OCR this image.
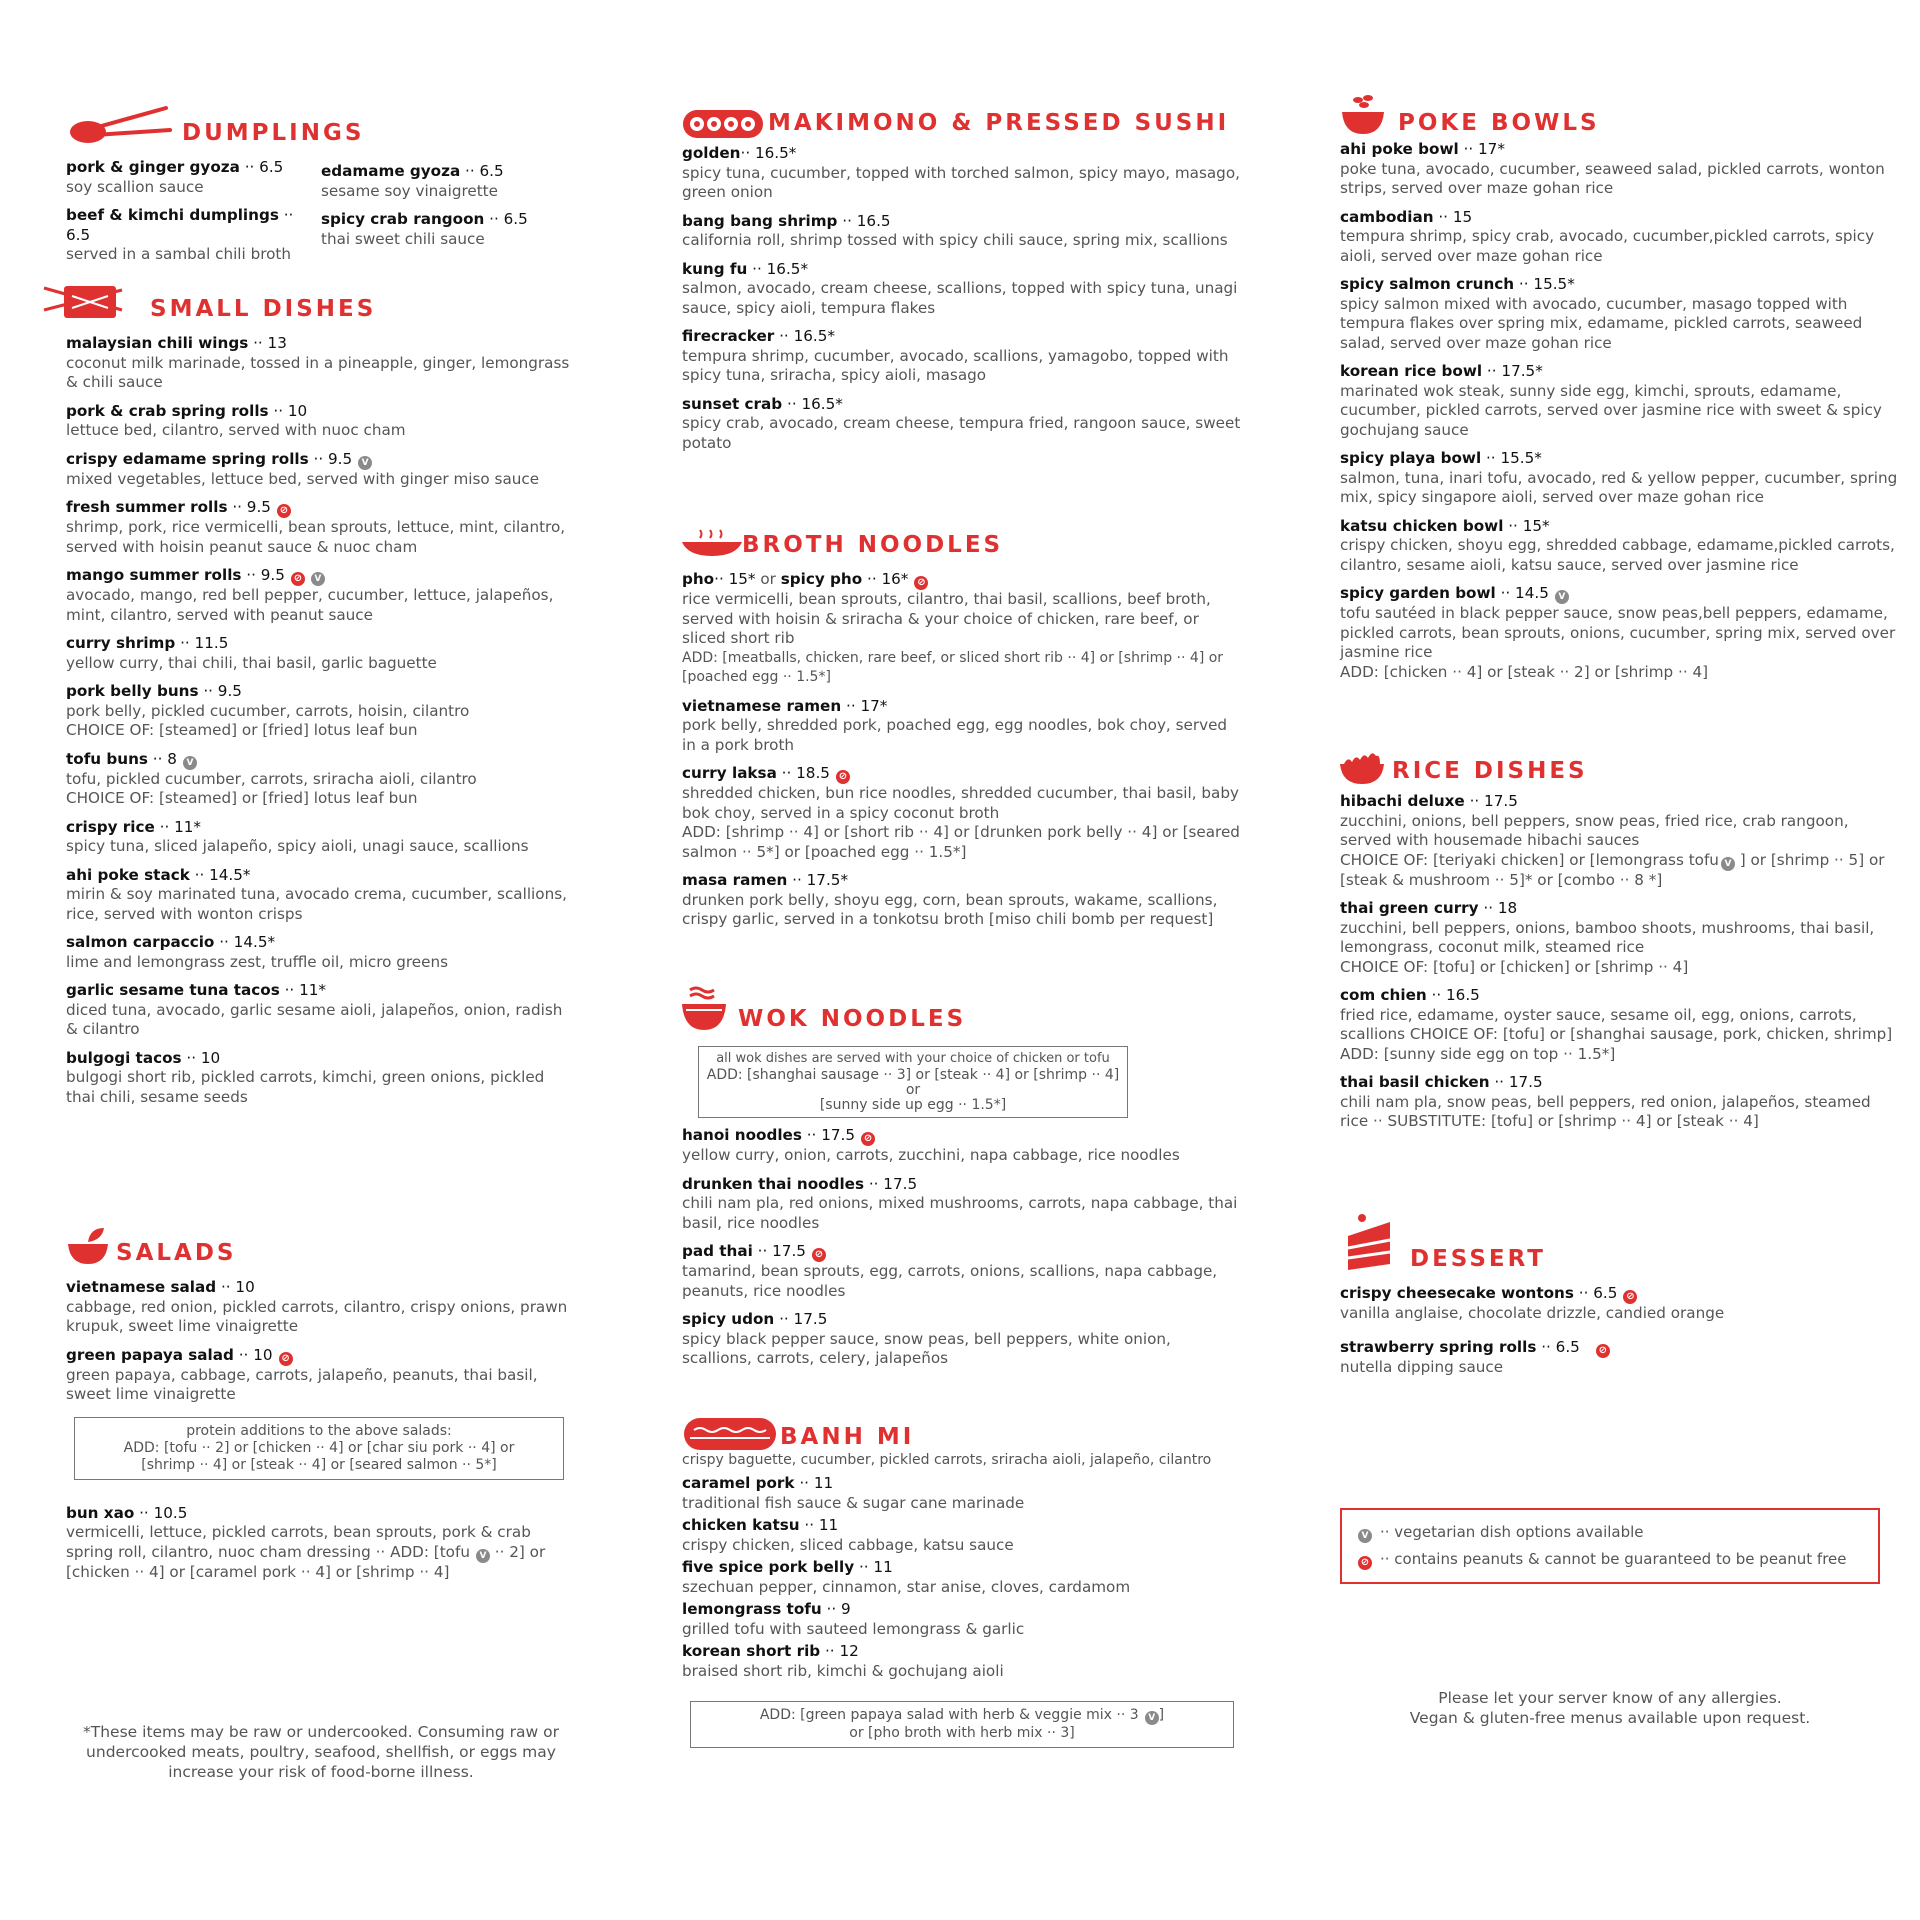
DUMPLINGS
pork & ginger gyoza ·· 6.5
soy scallion sauce
beef & kimchi dumplings ·· 6.5
served in a sambal chili broth
edamame gyoza ·· 6.5
sesame soy vinaigrette
spicy crab rangoon ·· 6.5
thai sweet chili sauce
SMALL DISHES
malaysian chili wings ·· 13
coconut milk marinade, tossed in a pineapple, ginger, lemongrass & chili sauce
pork & crab spring rolls ·· 10
lettuce bed, cilantro, served with nuoc cham
crispy edamame spring rolls ·· 9.5 V
mixed vegetables, lettuce bed, served with ginger miso sauce
fresh summer rolls ·· 9.5 ⊘
shrimp, pork, rice vermicelli, bean sprouts, lettuce, mint, cilantro, served with hoisin peanut sauce & nuoc cham
mango summer rolls ·· 9.5 ⊘ V
avocado, mango, red bell pepper, cucumber, lettuce, jalapeños, mint, cilantro, served with peanut sauce
curry shrimp ·· 11.5
yellow curry, thai chili, thai basil, garlic baguette
pork belly buns ·· 9.5
pork belly, pickled cucumber, carrots, hoisin, cilantro
CHOICE OF: [steamed] or [fried] lotus leaf bun
tofu buns ·· 8 V
tofu, pickled cucumber, carrots, sriracha aioli, cilantro
CHOICE OF: [steamed] or [fried] lotus leaf bun
crispy rice ·· 11*
spicy tuna, sliced jalapeño, spicy aioli, unagi sauce, scallions
ahi poke stack ·· 14.5*
mirin & soy marinated tuna, avocado crema, cucumber, scallions, rice, served with wonton crisps
salmon carpaccio ·· 14.5*
lime and lemongrass zest, truffle oil, micro greens
garlic sesame tuna tacos ·· 11*
diced tuna, avocado, garlic sesame aioli, jalapeños, onion, radish & cilantro
bulgogi tacos ·· 10
bulgogi short rib, pickled carrots, kimchi, green onions, pickled thai chili, sesame seeds
SALADS
vietnamese salad ·· 10
cabbage, red onion, pickled carrots, cilantro, crispy onions, prawn krupuk, sweet lime vinaigrette
green papaya salad ·· 10 ⊘
green papaya, cabbage, carrots, jalapeño, peanuts, thai basil, sweet lime vinaigrette
protein additions to the above salads:
ADD: [tofu ·· 2] or [chicken ·· 4] or [char siu pork ·· 4] or
[shrimp ·· 4] or [steak ·· 4] or [seared salmon ·· 5*]
bun xao ·· 10.5
vermicelli, lettuce, pickled carrots, bean sprouts, pork & crab spring roll, cilantro, nuoc cham dressing ·· ADD: [tofu V ·· 2] or [chicken ·· 4] or [caramel pork ·· 4] or [shrimp ·· 4]
*These items may be raw or undercooked. Consuming raw or undercooked meats, poultry, seafood, shellfish, or eggs may increase your risk of food-borne illness.
MAKIMONO & PRESSED SUSHI
golden·· 16.5*
spicy tuna, cucumber, topped with torched salmon, spicy mayo, masago, green onion
bang bang shrimp ·· 16.5
california roll, shrimp tossed with spicy chili sauce, spring mix, scallions
kung fu ·· 16.5*
salmon, avocado, cream cheese, scallions, topped with spicy tuna, unagi sauce, spicy aioli, tempura flakes
firecracker ·· 16.5*
tempura shrimp, cucumber, avocado, scallions, yamagobo, topped with spicy tuna, sriracha, spicy aioli, masago
sunset crab ·· 16.5*
spicy crab, avocado, cream cheese, tempura fried, rangoon sauce, sweet potato
BROTH NOODLES
pho·· 15* or spicy pho ·· 16* ⊘
rice vermicelli, bean sprouts, cilantro, thai basil, scallions, beef broth, served with hoisin & sriracha & your choice of chicken, rare beef, or sliced short rib
ADD: [meatballs, chicken, rare beef, or sliced short rib ·· 4] or [shrimp ·· 4] or [poached egg ·· 1.5*]
vietnamese ramen ·· 17*
pork belly, shredded pork, poached egg, egg noodles, bok choy, served in a pork broth
curry laksa ·· 18.5 ⊘
shredded chicken, bun rice noodles, shredded cucumber, thai basil, baby bok choy, served in a spicy coconut broth
ADD: [shrimp ·· 4] or [short rib ·· 4] or [drunken pork belly ·· 4] or [seared salmon ·· 5*] or [poached egg ·· 1.5*]
masa ramen ·· 17.5*
drunken pork belly, shoyu egg, corn, bean sprouts, wakame, scallions, crispy garlic, served in a tonkotsu broth [miso chili bomb per request]
WOK NOODLES
all wok dishes are served with your choice of chicken or tofu
ADD: [shanghai sausage ·· 3] or [steak ·· 4] or [shrimp ·· 4]
or
[sunny side up egg ·· 1.5*]
hanoi noodles ·· 17.5 ⊘
yellow curry, onion, carrots, zucchini, napa cabbage, rice noodles
drunken thai noodles ·· 17.5
chili nam pla, red onions, mixed mushrooms, carrots, napa cabbage, thai basil, rice noodles
pad thai ·· 17.5 ⊘
tamarind, bean sprouts, egg, carrots, onions, scallions, napa cabbage, peanuts, rice noodles
spicy udon ·· 17.5
spicy black pepper sauce, snow peas, bell peppers, white onion, scallions, carrots, celery, jalapeños
BANH MI
crispy baguette, cucumber, pickled carrots, sriracha aioli, jalapeño, cilantro
caramel pork ·· 11
traditional fish sauce & sugar cane marinade
chicken katsu ·· 11
crispy chicken, sliced cabbage, katsu sauce
five spice pork belly ·· 11
szechuan pepper, cinnamon, star anise, cloves, cardamom
lemongrass tofu ·· 9
grilled tofu with sauteed lemongrass & garlic
korean short rib ·· 12
braised short rib, kimchi & gochujang aioli
ADD: [green papaya salad with herb & veggie mix ·· 3 V ]
or [pho broth with herb mix ·· 3]
POKE BOWLS
ahi poke bowl ·· 17*
poke tuna, avocado, cucumber, seaweed salad, pickled carrots, wonton strips, served over maze gohan rice
cambodian ·· 15
tempura shrimp, spicy crab, avocado, cucumber,pickled carrots, spicy aioli, served over maze gohan rice
spicy salmon crunch ·· 15.5*
spicy salmon mixed with avocado, cucumber, masago topped with tempura flakes over spring mix, edamame, pickled carrots, seaweed salad, served over maze gohan rice
korean rice bowl ·· 17.5*
marinated wok steak, sunny side egg, kimchi, sprouts, edamame, cucumber, pickled carrots, served over jasmine rice with sweet & spicy gochujang sauce
spicy playa bowl ·· 15.5*
salmon, tuna, inari tofu, avocado, red & yellow pepper, cucumber, spring mix, spicy singapore aioli, served over maze gohan rice
katsu chicken bowl ·· 15*
crispy chicken, shoyu egg, shredded cabbage, edamame,pickled carrots, cilantro, sesame aioli, katsu sauce, served over jasmine rice
spicy garden bowl ·· 14.5 V
tofu sautéed in black pepper sauce, snow peas,bell peppers, edamame, pickled carrots, bean sprouts, onions, cucumber, spring mix, served over jasmine rice
ADD: [chicken ·· 4] or [steak ·· 2] or [shrimp ·· 4]
RICE DISHES
hibachi deluxe ·· 17.5
zucchini, onions, bell peppers, snow peas, fried rice, crab rangoon, served with housemade hibachi sauces
CHOICE OF: [teriyaki chicken] or [lemongrass tofu V ] or [shrimp ·· 5] or [steak & mushroom ·· 5]* or [combo ·· 8 *]
thai green curry ·· 18
zucchini, bell peppers, onions, bamboo shoots, mushrooms, thai basil, lemongrass, coconut milk, steamed rice
CHOICE OF: [tofu] or [chicken] or [shrimp ·· 4]
com chien ·· 16.5
fried rice, edamame, oyster sauce, sesame oil, egg, onions, carrots, scallions CHOICE OF: [tofu] or [shanghai sausage, pork, chicken, shrimp]
ADD: [sunny side egg on top ·· 1.5*]
thai basil chicken ·· 17.5
chili nam pla, snow peas, bell peppers, red onion, jalapeños, steamed rice ·· SUBSTITUTE: [tofu] or [shrimp ·· 4] or [steak ·· 4]
DESSERT
crispy cheesecake wontons ·· 6.5 ⊘
vanilla anglaise, chocolate drizzle, candied orange
strawberry spring rolls ·· 6.5 ⊘
nutella dipping sauce
V ·· vegetarian dish options available
⊘ ·· contains peanuts & cannot be guaranteed to be peanut free
Please let your server know of any allergies.
Vegan & gluten-free menus available upon request.
